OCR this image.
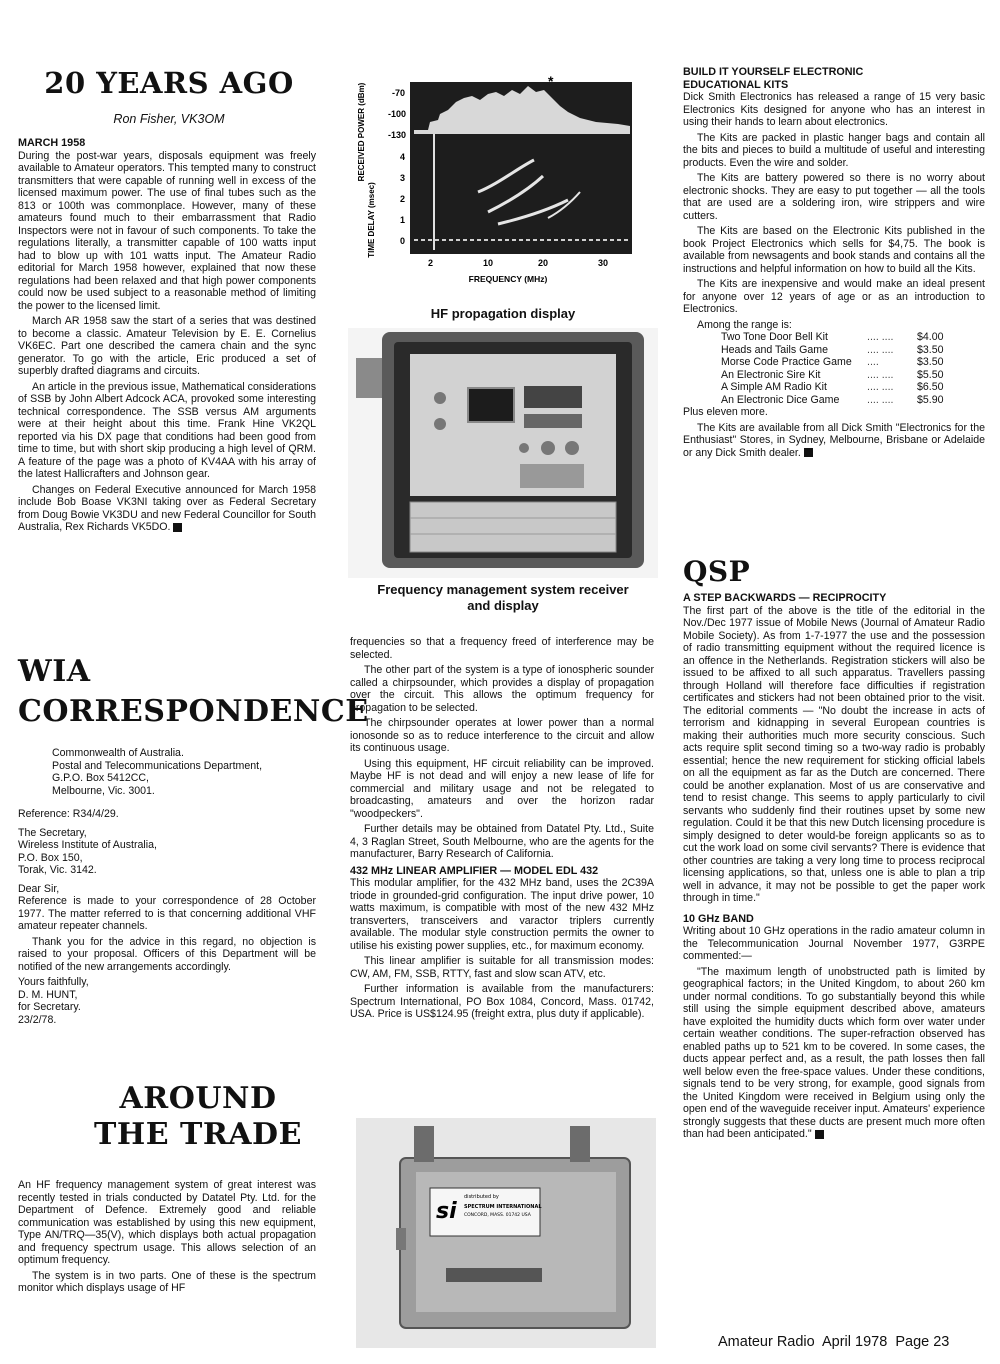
20 YEARS AGO
Ron Fisher, VK3OM
MARCH 1958

During the post-war years, disposals equipment was freely available to Amateur operators. This tempted many to construct transmitters that were capable of running well in excess of the licensed maximum power. The use of final tubes such as the 813 or 100th was commonplace. However, many of these amateurs found much to their embarrassment that Radio Inspectors were not in favour of such components. To take the regulations literally, a transmitter capable of 100 watts input had to blow up with 101 watts input. The Amateur Radio editorial for March 1958 however, explained that now these regulations had been relaxed and that high power components could now be used subject to a reasonable method of limiting the power to the licensed limit.

March AR 1958 saw the start of a series that was destined to become a classic. Amateur Television by E. E. Cornelius VK6EC. Part one described the camera chain and the sync generator. To go with the article, Eric produced a set of superbly drafted diagrams and circuits.

An article in the previous issue, Mathematical considerations of SSB by John Albert Adcock ACA, provoked some interesting technical correspondence. The SSB versus AM arguments were at their height about this time. Frank Hine VK2QL reported via his DX page that conditions had been good from time to time, but with short skip producing a high level of QRM. A feature of the page was a photo of KV4AA with his array of the latest Hallicrafters and Johnson gear.

Changes on Federal Executive announced for March 1958 include Bob Boase VK3NI taking over as Federal Secretary from Doug Bowie VK3DU and new Federal Councillor for South Australia, Rex Richards VK5DO.

WIA
CORRESPONDENCE
Commonwealth of Australia.
Postal and Telecommunications Department,
G.P.O. Box 5412CC,
Melbourne, Vic. 3001.
Reference: R34/4/29.
The Secretary,
Wireless Institute of Australia,
P.O. Box 150,
Torak, Vic. 3142.
Dear Sir,

Reference is made to your correspondence of 28 October 1977. The matter referred to is that concerning additional VHF amateur repeater channels.

Thank you for the advice in this regard, no objection is raised to your proposal. Officers of this Department will be notified of the new arrangements accordingly.

Yours faithfully,
D. M. HUNT,
for Secretary.
23/2/78.
AROUND
THE TRADE

An HF frequency management system of great interest was recently tested in trials conducted by Datatel Pty. Ltd. for the Department of Defence. Extremely good and reliable communication was established by using this new equipment, Type AN/TRQ—35(V), which displays both actual propagation and frequency spectrum usage. This allows selection of an optimum frequency.

The system is in two parts. One of these is the spectrum monitor which displays usage of HF

RECEIVED POWER (dBm)
TIME DELAY (msec)
-70
-100
-130
4
3
2
1
0
*
2	10	20	30
FREQUENCY (MHz)
HF propagation display
Frequency management system receiver
and display

frequencies so that a frequency freed of interference may be selected.

The other part of the system is a type of ionospheric sounder called a chirpsounder, which provides a display of propagation over the circuit. This allows the optimum frequency for propagation to be selected.

The chirpsounder operates at lower power than a normal ionosonde so as to reduce interference to the circuit and allow its continuous usage.

Using this equipment, HF circuit reliability can be improved. Maybe HF is not dead and will enjoy a new lease of life for commercial and military usage and not be relegated to broadcasting, amateurs and over the horizon radar "woodpeckers".

Further details may be obtained from Datatel Pty. Ltd., Suite 4, 3 Raglan Street, South Melbourne, who are the agents for the manufacturer, Barry Research of California.

432 MHz LINEAR AMPLIFIER — MODEL EDL 432

This modular amplifier, for the 432 MHz band, uses the 2C39A triode in grounded-grid configuration. The input drive power, 10 watts maximum, is compatible with most of the new 432 MHz transverters, transceivers and varactor triplers currently available. The modular style construction permits the owner to utilise his existing power supplies, etc., for maximum economy.

This linear amplifier is suitable for all transmission modes: CW, AM, FM, SSB, RTTY, fast and slow scan ATV, etc.

Further information is available from the manufacturers: Spectrum International, PO Box 1084, Concord, Mass. 01742, USA. Price is US$124.95 (freight extra, plus duty if applicable).

si
distributed by
SPECTRUM INTERNATIONAL
CONCORD, MASS. 01742 USA
BUILD IT YOURSELF ELECTRONIC
EDUCATIONAL KITS

Dick Smith Electronics has released a range of 15 very basic Electronics Kits designed for anyone who has an interest in using their hands to learn about electronics.

The Kits are packed in plastic hanger bags and contain all the bits and pieces to build a multitude of useful and interesting products. Even the wire and solder.

The Kits are battery powered so there is no worry about electronic shocks. They are easy to put together — all the tools that are used are a soldering iron, wire strippers and wire cutters.

The Kits are based on the Electronic Kits published in the book Project Electronics which sells for $4,75. The book is available from newsagents and book stands and contains all the instructions and helpful information on how to build all the Kits.

The Kits are inexpensive and would make an ideal present for anyone over 12 years of age or as an introduction to Electronics.

Among the range is:

Two Tone Door Bell Kit	.... ....	$4.00
Heads and Tails Game	.... ....	$3.50
Morse Code Practice Game	....	$3.50
An Electronic Sire Kit	.... ....	$5.50
A Simple AM Radio Kit	.... ....	$6.50
An Electronic Dice Game	.... ....	$5.90

Plus eleven more.

The Kits are available from all Dick Smith "Electronics for the Enthusiast" Stores, in Sydney, Melbourne, Brisbane or Adelaide or any Dick Smith dealer.

QSP
A STEP BACKWARDS — RECIPROCITY

The first part of the above is the title of the editorial in the Nov./Dec 1977 issue of Mobile News (Journal of Amateur Radio Mobile Society). As from 1-7-1977 the use and the possession of radio transmitting equipment without the required licence is an offence in the Netherlands. Registration stickers will also be issued to be affixed to all such apparatus. Travellers passing through Holland will therefore face difficulties if registration certificates and stickers had not been obtained prior to the visit. The editorial comments — "No doubt the increase in acts of terrorism and kidnapping in several European countries is making their authorities much more security conscious. Such acts require split second timing so a two-way radio is probably essential; hence the new requirement for sticking official labels on all the equipment as far as the Dutch are concerned. There could be another explanation. Most of us are conservative and tend to resist change. This seems to apply particularly to civil servants who suddenly find their routines upset by some new regulation. Could it be that this new Dutch licensing procedure is simply designed to deter would-be foreign applicants so as to cut the work load on some civil servants? There is evidence that other countries are taking a very long time to process reciprocal licensing applications, so that, unless one is able to plan a trip well in advance, it may not be possible to get the paper work through in time."

10 GHz BAND

Writing about 10 GHz operations in the radio amateur column in the Telecommunication Journal November 1977, G3RPE commented:—

"The maximum length of unobstructed path is limited by geographical factors; in the United Kingdom, to about 260 km under normal conditions. To go substantially beyond this while still using the simple equipment described above, amateurs have exploited the humidity ducts which form over water under certain weather conditions. The super-refraction observed has enabled paths up to 521 km to be covered. In some cases, the ducts appear perfect and, as a result, the path losses then fall well below even the free-space values. Under these conditions, signals tend to be very strong, for example, good signals from the United Kingdom were received in Belgium using only the open end of the waveguide receiver input. Amateurs' experience strongly suggests that these ducts are present much more often than had been anticipated."

Amateur Radio April 1978 Page 23
